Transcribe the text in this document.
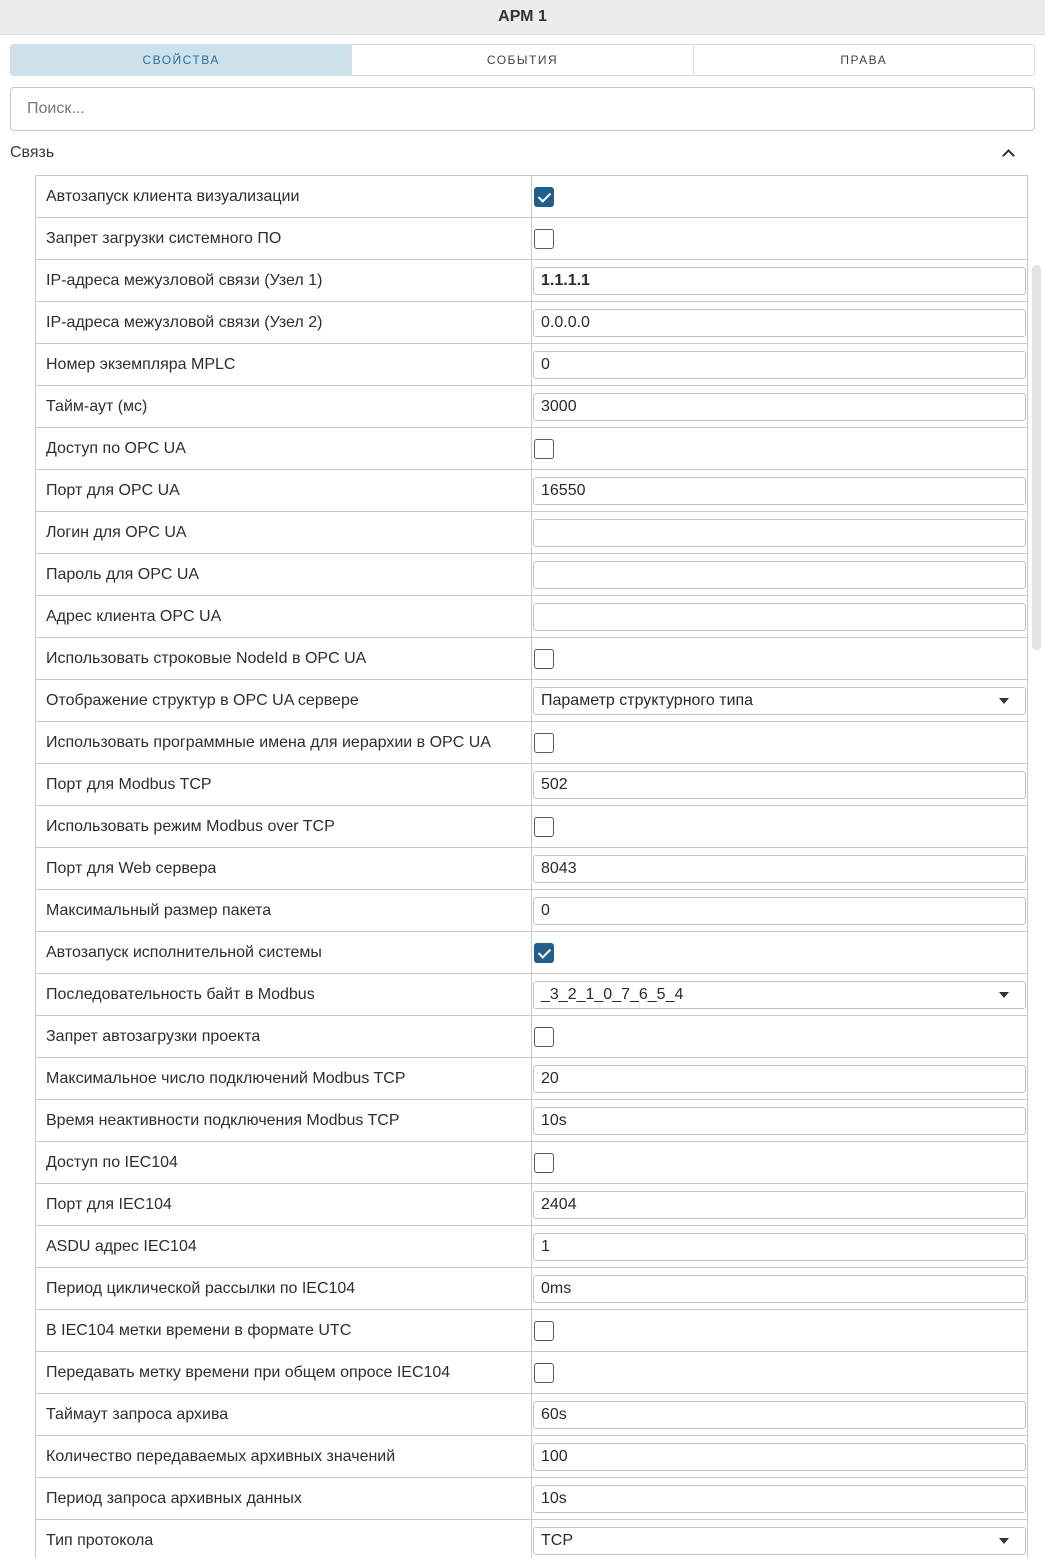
АРМ 1
СВОЙСТВА	СОБЫТИЯ	ПРАВА
Поиск...
Связь
Автозапуск клиента визуализации
Запрет загрузки системного ПО
IP-адреса межузловой связи (Узел 1)	1.1.1.1
IP-адреса межузловой связи (Узел 2)	0.0.0.0
Номер экземпляра MPLC	0
Тайм-аут (мс)	3000
Доступ по OPC UA
Порт для OPC UA	16550
Логин для OPC UA
Пароль для OPC UA
Адрес клиента OPC UA
Использовать строковые NodeId в OPC UA
Отображение структур в OPC UA сервере	Параметр структурного типа
Использовать программные имена для иерархии в OPC UA
Порт для Modbus TCP	502
Использовать режим Modbus over TCP
Порт для Web сервера	8043
Максимальный размер пакета	0
Автозапуск исполнительной системы
Последовательность байт в Modbus	_3_2_1_0_7_6_5_4
Запрет автозагрузки проекта
Максимальное число подключений Modbus TCP	20
Время неактивности подключения Modbus TCP	10s
Доступ по IEC104
Порт для IEC104	2404
ASDU адрес IEC104	1
Период циклической рассылки по IEC104	0ms
В IEC104 метки времени в формате UTC
Передавать метку времени при общем опросе IEC104
Таймаут запроса архива	60s
Количество передаваемых архивных значений	100
Период запроса архивных данных	10s
Тип протокола	TCP
